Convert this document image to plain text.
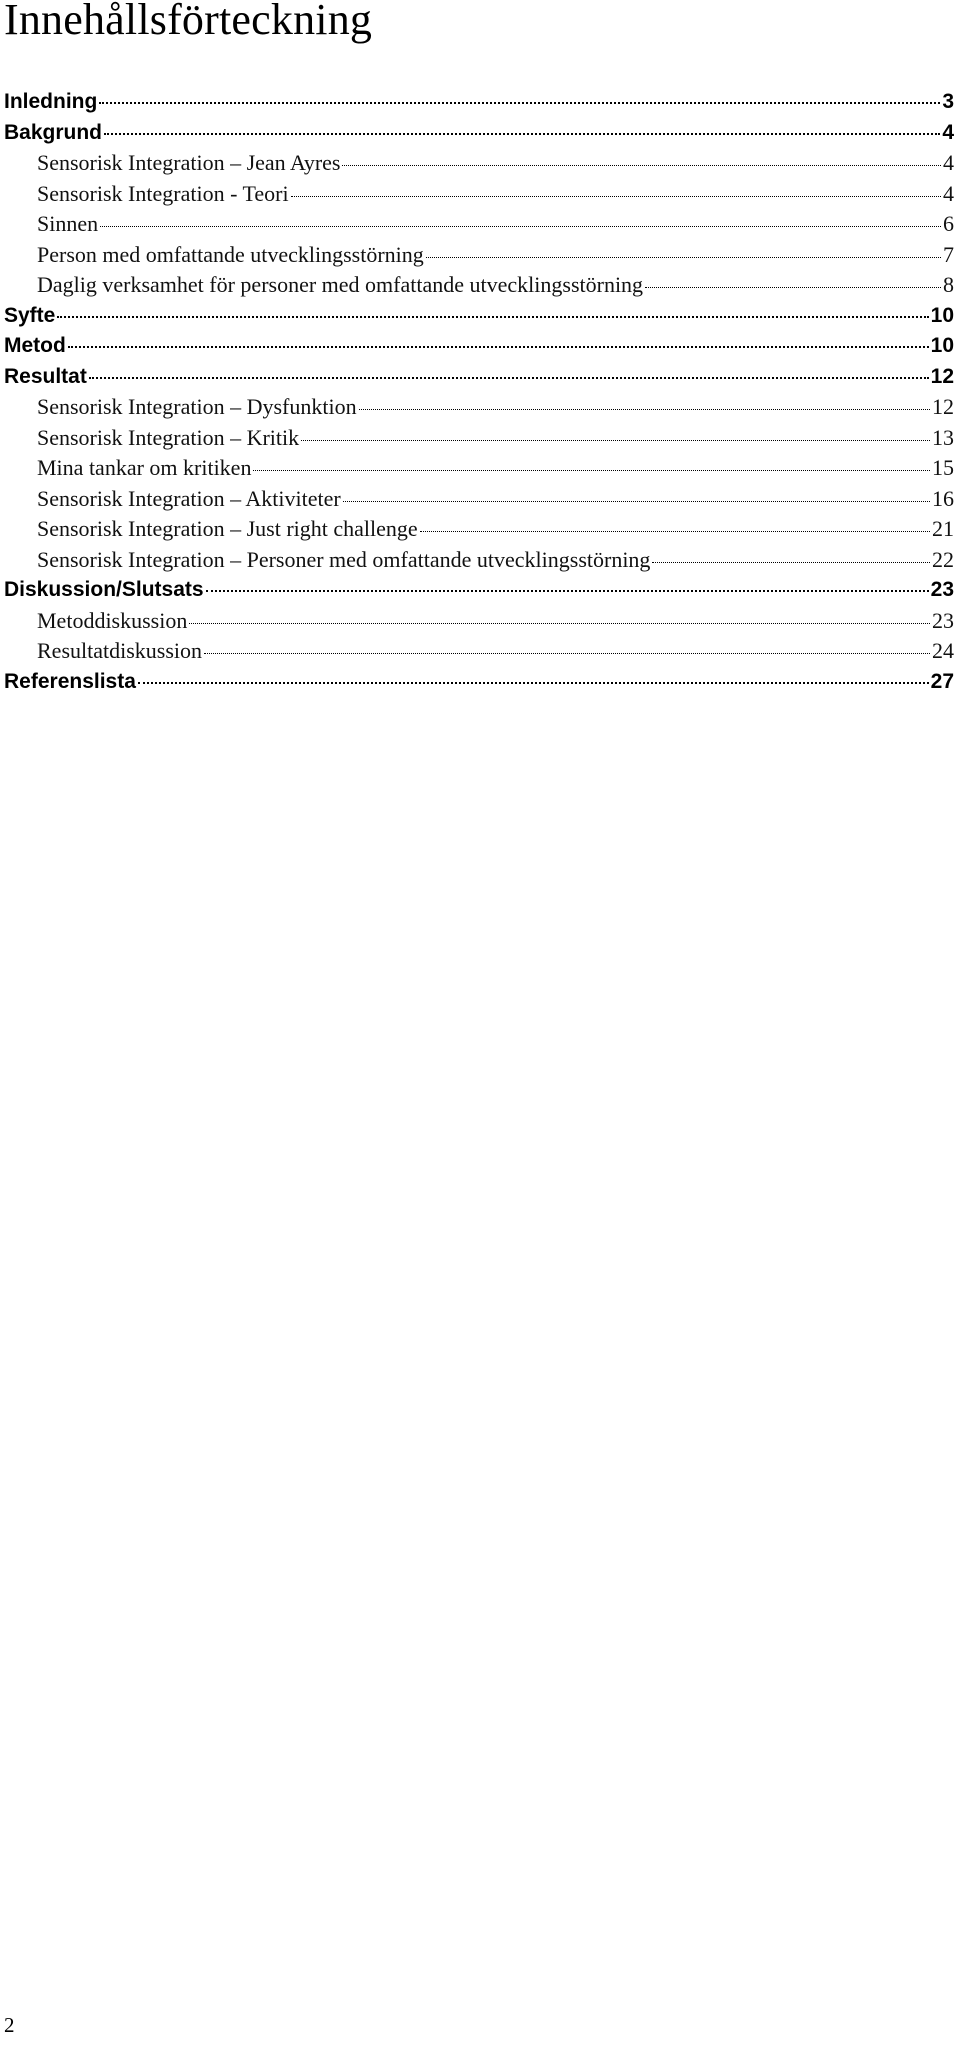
Innehållsförteckning
Inledning	3
Bakgrund	4
Sensorisk Integration – Jean Ayres	4
Sensorisk Integration - Teori	4
Sinnen	6
Person med omfattande utvecklingsstörning	7
Daglig verksamhet för personer med omfattande utvecklingsstörning	8
Syfte	10
Metod	10
Resultat	12
Sensorisk Integration – Dysfunktion	12
Sensorisk Integration – Kritik	13
Mina tankar om kritiken	15
Sensorisk Integration – Aktiviteter	16
Sensorisk Integration – Just right challenge	21
Sensorisk Integration – Personer med omfattande utvecklingsstörning	22
Diskussion/Slutsats	23
Metoddiskussion	23
Resultatdiskussion	24
Referenslista	27
2
